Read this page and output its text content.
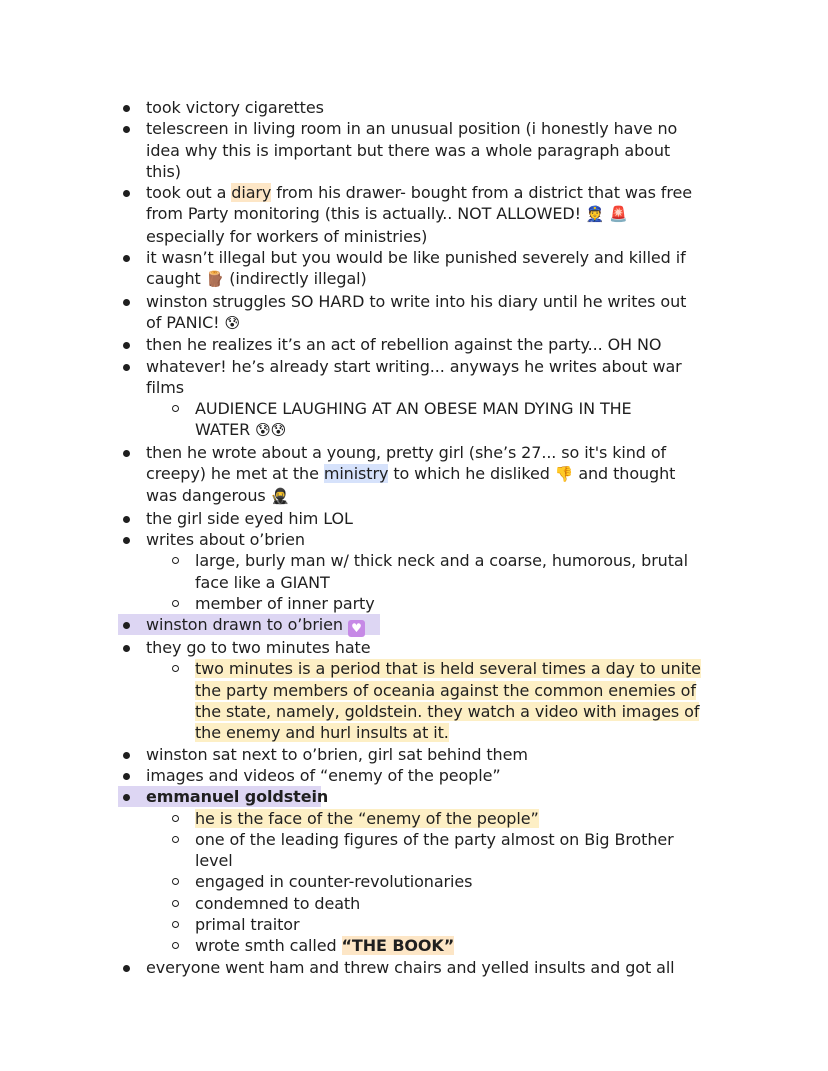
took victory cigarettes
telescreen in living room in an unusual position (i honestly have no
idea why this is important but there was a whole paragraph about
this)
took out a diary from his drawer- bought from a district that was free
from Party monitoring (this is actually.. NOT ALLOWED! 👮 🚨
especially for workers of ministries)
it wasn’t illegal but you would be like punished severely and killed if
caught 🪵 (indirectly illegal)
winston struggles SO HARD to write into his diary until he writes out
of PANIC! 😰
then he realizes it’s an act of rebellion against the party... OH NO
whatever! he’s already start writing... anyways he writes about war
films
AUDIENCE LAUGHING AT AN OBESE MAN DYING IN THE
WATER 😰😰
then he wrote about a young, pretty girl (she’s 27... so it's kind of
creepy) he met at the ministry to which he disliked 👎 and thought
was dangerous 🥷
the girl side eyed him LOL
writes about o’brien
large, burly man w/ thick neck and a coarse, humorous, brutal
face like a GIANT
member of inner party
winston drawn to o’brien ♥
they go to two minutes hate
two minutes is a period that is held several times a day to unite
the party members of oceania against the common enemies of
the state, namely, goldstein. they watch a video with images of
the enemy and hurl insults at it.
winston sat next to o’brien, girl sat behind them
images and videos of “enemy of the people”
emmanuel goldstein
he is the face of the “enemy of the people”
one of the leading figures of the party almost on Big Brother
level
engaged in counter-revolutionaries
condemned to death
primal traitor
wrote smth called “THE BOOK”
everyone went ham and threw chairs and yelled insults and got all
